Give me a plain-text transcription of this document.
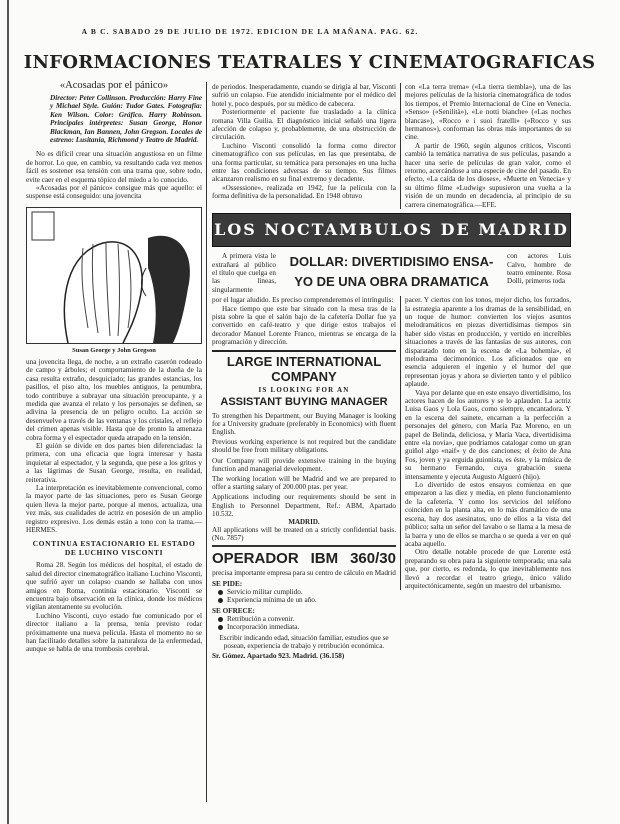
A B C. SABADO 29 DE JULIO DE 1972. EDICION DE LA MAÑANA. PAG. 62.
INFORMACIONES TEATRALES Y CINEMATOGRAFICAS
«Acosadas por el pánico»
Director: Peter Collinson. Producción: Harry Fine y Michael Style. Guión: Tudor Gates. Fotografía: Ken Wilson. Color: Gráfico. Harry Robinson. Principales intérpretes: Susan George, Honor Blackman, Ian Bannen, John Gregson. Locales de estreno: Lusitania, Richmond y Teatro de Madrid.

No es difícil crear una situación angustiosa en un filme de horror. Lo que, en cambio, va resultando cada vez menos fácil es sostener esa tensión con una trama que, sobre todo, evite caer en el esquema tópico del miedo a lo conocido.

«Acosadas por el pánico» consigue más que aquello: el suspense está conseguido: una jovencita

Susan George y John Gregson

una jovencita llega, de noche, a un extraño caserón rodeado de campo y árboles; el comportamiento de la dueña de la casa resulta extraño, desquiciado; las grandes estancias, los pasillos, el piso alto, los muebles antiguos, la penumbra, todo contribuye a subrayar una situación preocupante, y a medida que avanza el relato y los personajes se definen, se adivina la presencia de un peligro oculto. La acción se desenvuelve a través de las ventanas y los cristales, el reflejo del crimen apenas visible. Hasta que de pronto la amenaza cobra forma y el espectador queda atrapado en la tensión.

El guión se divide en dos partes bien diferenciadas: la primera, con una eficacia que logra interesar y hasta inquietar al espectador, y la segunda, que pese a los gritos y a las lágrimas de Susan George, resulta, en realidad, reiterativa.

La interpretación es inevitablemente convencional, como la mayor parte de las situaciones, pero es Susan George quien lleva la mejor parte, porque al menos, actualiza, una vez más, sus cualidades de actriz en posesión de un amplio registro expresivo. Los demás están a tono con la trama.—HERMES.

CONTINUA ESTACIONARIO EL ESTADO DE LUCHINO VISCONTI

Roma 28. Según los médicos del hospital, el estado de salud del director cinematográfico italiano Luchino Visconti, que sufrió ayer un colapso cuando se hallaba con unos amigos en Roma, continúa estacionario. Visconti se encuentra bajo observación en la clínica, donde los médicos vigilan atentamente su evolución.

Luchino Visconti, cuyo estado fue comunicado por el director italiano a la prensa, tenía previsto rodar próximamente una nueva película. Hasta el momento no se han facilitado detalles sobre la naturaleza de la enfermedad, aunque se habla de una trombosis cerebral.

de periodos. Inesperadamente, cuando se dirigía al bar, Visconti sufrió un colapso. Fue atendido inicialmente por el médico del hotel y, poco después, por su médico de cabecera.

Posteriormente el paciente fue trasladado a la clínica romana Villa Guilia. El diagnóstico inicial señaló una ligera afección de colapso y, probablemente, de una obstrucción de circulación.

Luchino Visconti consolidó la forma como director cinematográfico con sus películas, en las que presentaba, de una forma particular, su temática para personajes en una lucha entre las condiciones adversas de su tiempo. Sus filmes alcanzaron realismo en su final extremo y decadente.

«Ossessione», realizada en 1942, fue la película con la forma definitiva de la personalidad. En 1948 obtuvo

con «La terra trema» («La tierra tiembla»), una de las mejores películas de la historia cinematográfica de todos los tiempos, el Premio Internacional de Cine en Venecia. «Senso» («Senilità»), «Le notti bianche» («Las noches blancas»), «Rocco e i suoi fratelli» («Rocco y sus hermanos»), conforman las obras más importantes de su cine.

A partir de 1960, según algunos críticos, Visconti cambió la temática narrativa de sus películas, pasando a hacer una serie de películas de gran valor, como el retorno, acercándose a una especie de cine del pasado. En efecto, «La caída de los dioses», «Muerte en Venecia» y su último filme «Ludwig» supusieron una vuelta a la visión de un mundo en decadencia, al principio de su carrera cinematográfica.—EFE.

LOS NOCTAMBULOS DE MADRID

A primera vista le extrañará al público el título que cuelga en las líneas, singularmente

DOLLAR: DIVERTIDISIMO ENSA-
YO DE UNA OBRA DRAMATICA

con actores Luis Calvo, hombre de teatro eminente. Rosa Dolli, primeros toda

por el lugar aludido. Es preciso comprenderemos el intríngulis:

Hace tiempo que este bar situado con la mesa tras de la pista sobre la que el salón bajo de la cafetería Dollar fue ya convertido en café-teatro y que dirige estos trabajos el decorador Manuel Lorente Franco, mientras se encarga de la programación y dirección.

LARGE INTERNATIONAL
COMPANY
IS LOOKING FOR AN
ASSISTANT BUYING MANAGER

To strengthen his Department, our Buying Manager is looking for a University graduate (preferably in Economics) with fluent English.

Previous working experience is not required but the candidate should be free from military obligations.

Our Company will provide extensive training in the buying function and managerial development.

The working location will be Madrid and we are prepared to offer a starting salary of 200.000 ptas. per year.

Applications including our requirements should be sent in English to Personnel Department, Ref.: ABM, Apartado 10.532.

MADRID.

All applications will be treated on a strictly confidential basis. (No. 7857)

OPERADOR IBM 360/30

precisa importante empresa para su centro de cálculo en Madrid

SE PIDE:
Servicio militar cumplido.
Experiencia mínima de un año.
SE OFRECE:
Retribución a convenir.
Incorporación inmediata.

Escribir indicando edad, situación familiar, estudios que se posean, experiencia de trabajo y retribución económica.

Sr. Gómez. Apartado 923. Madrid. (36.158)

pacer. Y ciertos con los tonos, mejor dicho, los forzados, la estrategia aparente a los dramas de la sensibilidad, en un toque de humor: convierten los viejos asuntos melodramáticos en piezas divertidísimas tiempos sin haber sido vistas en producción, y vertido en increíbles situaciones a través de las fantasías de sus autores, con disparatado tono en la escena de «La bohemia», el melodrama decimonónico. Los aficionados que en esencia adquieren el ingenio y el humor del que representan joyas y ahora se divierten tanto y el público aplaude.

Vaya por delante que en este ensayo divertidísimo, los actores hacen de los autores y se lo aplauden. La actriz Luisa Gaos y Lola Gaos, como siempre, encantadora. Y en la escena del sainete, encarnan a la perfección a personajes del género, con María Paz Moreno, en un papel de Belinda, deliciosa, y María Vaca, divertidísima entre «la novia», que podríamos catalogar como un gran guiñol algo «naif» y de dos canciones; el éxito de Ana Fos, joven y ya erguida guionista, es éste, y la música de su hermano Fernando, cuya grabación suena intensamente y ejecuta Augusto Algueró (hijo).

Lo divertido de estos ensayos comienza en que empezaron a las diez y media, en pleno funcionamiento de la cafetería. Y como los servicios del teléfono coinciden en la planta alta, en lo más dramático de una escena, hay dos asesinatos, uno de ellos a la vista del público; salta un señor del lavabo o se llama a la mesa de la barra y uno de ellos se marcha o se queda a ver en qué acaba aquello.

Otro detalle notable procede de que Lorente está preparando su obra para la siguiente temporada; una sala que, por cierto, es redonda, lo que inevitablemente nos llevó a recordar el teatro griego, único válido arquitectónicamente, según un maestro del urbanismo.
